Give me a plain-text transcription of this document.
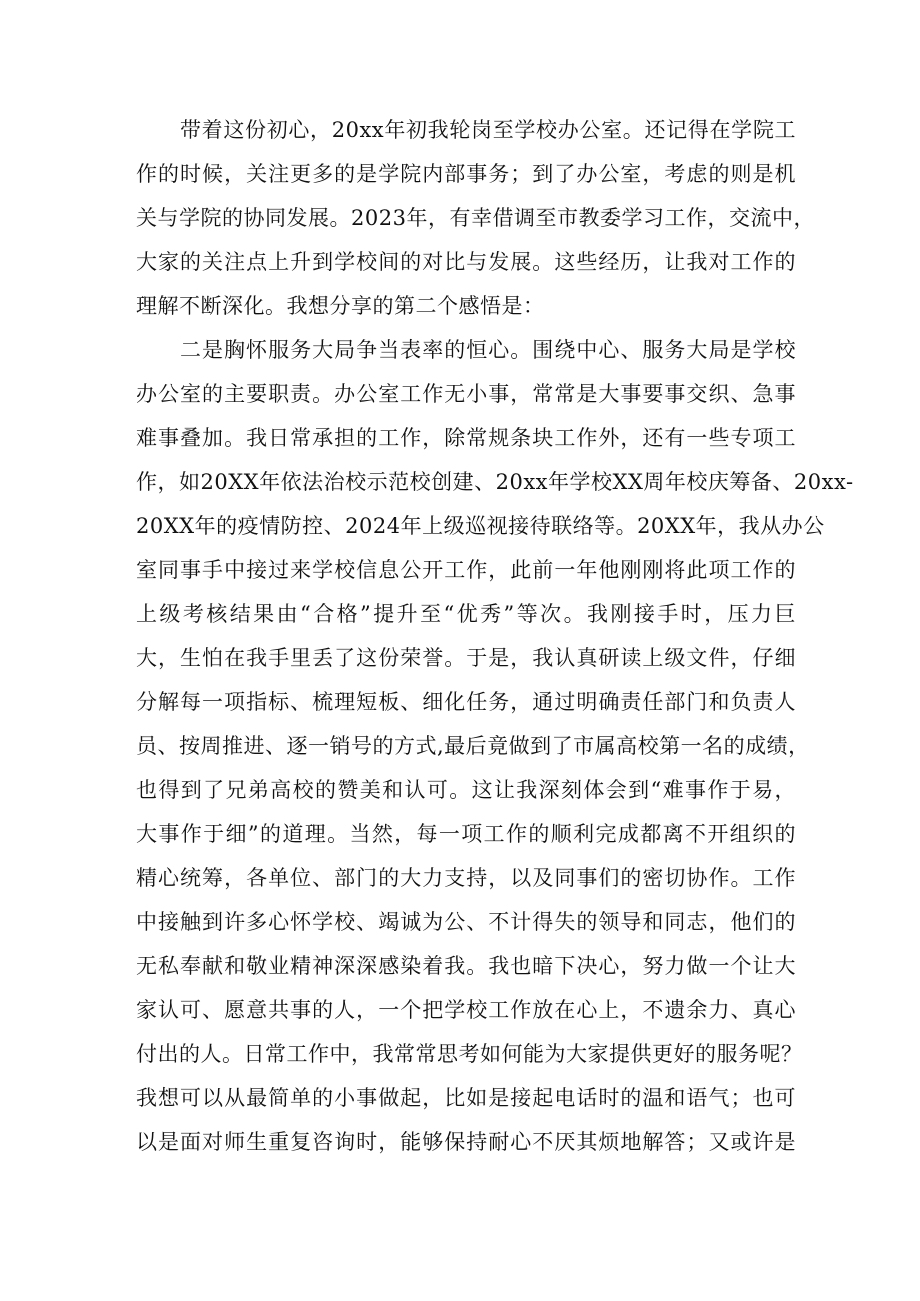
带着这份初心，20xx年初我轮岗至学校办公室。还记得在学院工
作的时候，关注更多的是学院内部事务；到了办公室，考虑的则是机
关与学院的协同发展。2023年，有幸借调至市教委学习工作，交流中，
大家的关注点上升到学校间的对比与发展。这些经历，让我对工作的
理解不断深化。我想分享的第二个感悟是：
二是胸怀服务大局争当表率的恒心。围绕中心、服务大局是学校
办公室的主要职责。办公室工作无小事，常常是大事要事交织、急事
难事叠加。我日常承担的工作，除常规条块工作外，还有一些专项工
作，如20XX年依法治校示范校创建、20xx年学校XX周年校庆筹备、20xx-
20XX年的疫情防控、2024年上级巡视接待联络等。20XX年，我从办公
室同事手中接过来学校信息公开工作，此前一年他刚刚将此项工作的
上级考核结果由“合格”提升至“优秀”等次。我刚接手时，压力巨
大，生怕在我手里丢了这份荣誉。于是，我认真研读上级文件，仔细
分解每一项指标、梳理短板、细化任务，通过明确责任部门和负责人
员、按周推进、逐一销号的方式,最后竟做到了市属高校第一名的成绩，
也得到了兄弟高校的赞美和认可。这让我深刻体会到“难事作于易，
大事作于细”的道理。当然，每一项工作的顺利完成都离不开组织的
精心统筹，各单位、部门的大力支持，以及同事们的密切协作。工作
中接触到许多心怀学校、竭诚为公、不计得失的领导和同志，他们的
无私奉献和敬业精神深深感染着我。我也暗下决心，努力做一个让大
家认可、愿意共事的人，一个把学校工作放在心上，不遗余力、真心
付出的人。日常工作中，我常常思考如何能为大家提供更好的服务呢？
我想可以从最简单的小事做起，比如是接起电话时的温和语气；也可
以是面对师生重复咨询时，能够保持耐心不厌其烦地解答；又或许是
